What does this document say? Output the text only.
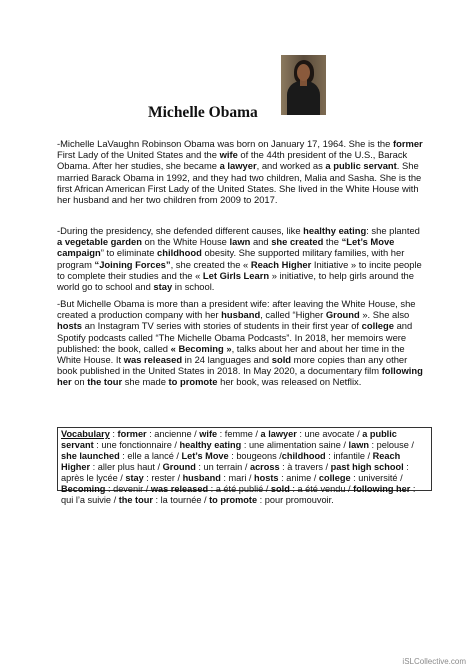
Michelle Obama

-Michelle LaVaughn Robinson Obama was born on January 17, 1964. She is the former First Lady of the United States and the wife of the 44th president of the U.S., Barack Obama. After her studies, she became a lawyer, and worked as a public servant. She married Barack Obama in 1992, and they had two children, Malia and Sasha. She is the first African American First Lady of the United States. She lived in the White House with her husband and her two children from 2009 to 2017.

-During the presidency, she defended different causes, like healthy eating: she planted a vegetable garden on the White House lawn and she created the “Let’s Move campaign” to eliminate childhood obesity. She supported military families, with her program “Joining Forces”, she created the « Reach Higher Initiative » to incite people to complete their studies and the « Let Girls Learn » initiative, to help girls around the world go to school and stay in school.

-But Michelle Obama is more than a president wife: after leaving the White House, she created a production company with her husband, called “Higher Ground ». She also hosts an Instagram TV series with stories of students in their first year of college and Spotify podcasts called “The Michelle Obama Podcasts”. In 2018, her memoirs were published: the book, called « Becoming », talks about her and about her time in the White House. It was released in 24 languages and sold more copies than any other book published in the United States in 2018. In May 2020, a documentary film following her on the tour she made to promote her book, was released on Netflix.

Vocabulary : former : ancienne / wife : femme / a lawyer : une avocate / a public servant : une fonctionnaire / healthy eating : une alimentation saine / lawn : pelouse / she launched : elle a lancé / Let’s Move : bougeons /childhood : infantile / Reach Higher : aller plus haut / Ground : un terrain / across : à travers / past high school : après le lycée / stay : rester / husband : mari / hosts : anime / college : université / Becoming : devenir / was released : a été publié / sold : a été vendu / following her : qui l’a suivie / the tour : la tournée / to promote : pour promouvoir.
iSLCollective.com
